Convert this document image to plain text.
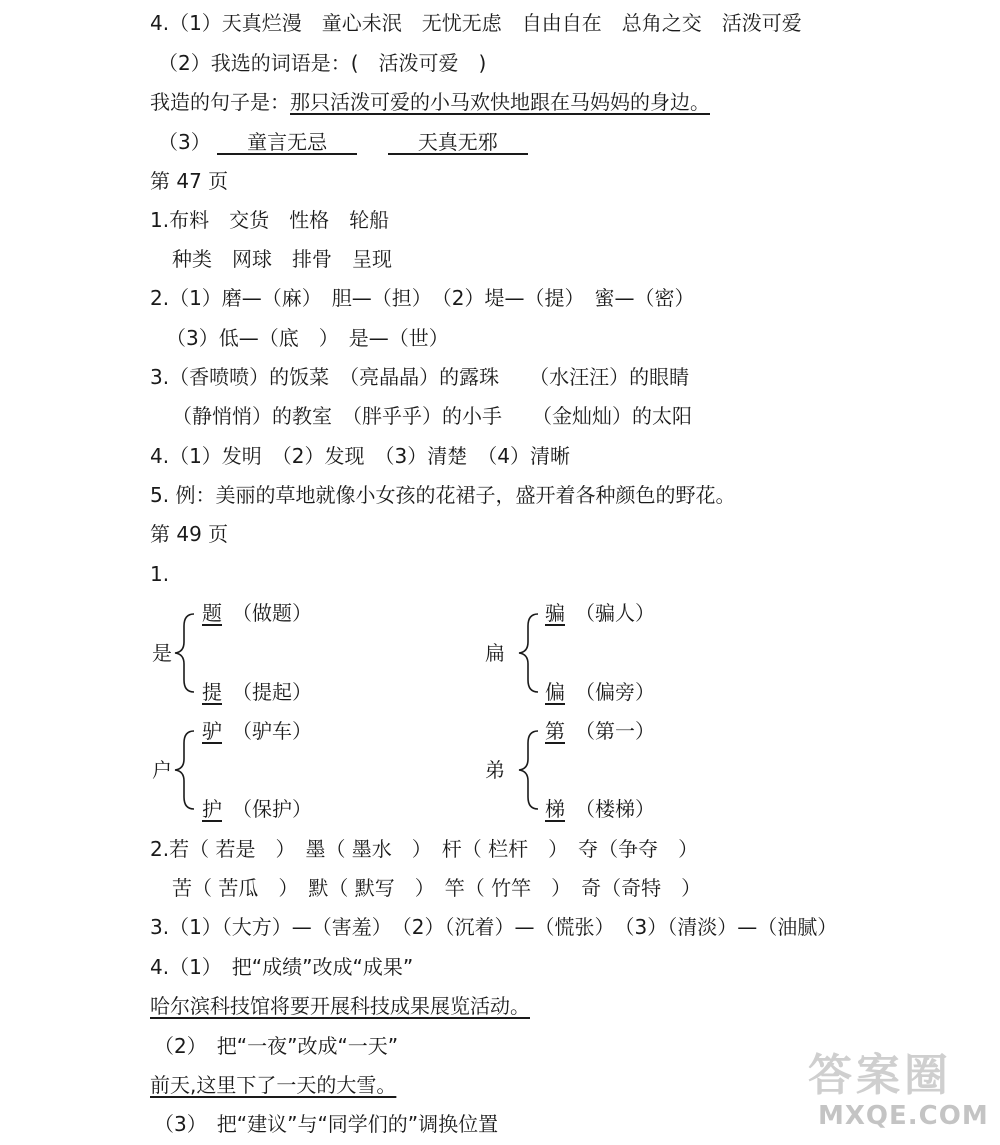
4.（1）天真烂漫　童心未泯　无忧无虑　自由自在　总角之交　活泼可爱
（2）我选的词语是：(　活泼可爱　)
我造的句子是：那只活泼可爱的小马欢快地跟在马妈妈的身边。
（3） 童言无忌	天真无邪
第 47 页
1.布料　交货　性格　轮船
种类　网球　排骨　呈现
2.（1）磨—（麻）　胆—（担）　（2）堤—（提）　蜜—（密）
（3）低—（底　）　是—（世）
3.（香喷喷）的饭菜　（亮晶晶）的露珠　　（水汪汪）的眼睛
（静悄悄）的教室　（胖乎乎）的小手　　（金灿灿）的太阳
4.（1）发明　（2）发现　（3）清楚　（4）清晰
5. 例：美丽的草地就像小女孩的花裙子，盛开着各种颜色的野花。
第 49 页
1.
是
题　 （做题）
提　 （提起）
扁
骗　 （骗人）
偏　 （偏旁）
户
驴　 （驴车）
护　 （保护）
弟
第　 （第一）
梯　 （楼梯）
2.若（ 若是　）　墨（ 墨水　）　杆（ 栏杆　）　夺（争夺　）
苦（ 苦瓜　）　默（ 默写　）　竿（ 竹竿　）　奇（奇特　）
3.（1）（大方）—（害羞）　（2）（沉着）—（慌张）　（3）（清淡）—（油腻）
4.（1）　把“成绩”改成“成果”
哈尔滨科技馆将要开展科技成果展览活动。
（2）　把“一夜”改成“一天”
前天,这里下了一天的大雪。
（3）　把“建议”与“同学们的”调换位置
答案圈
MXQE.COM
